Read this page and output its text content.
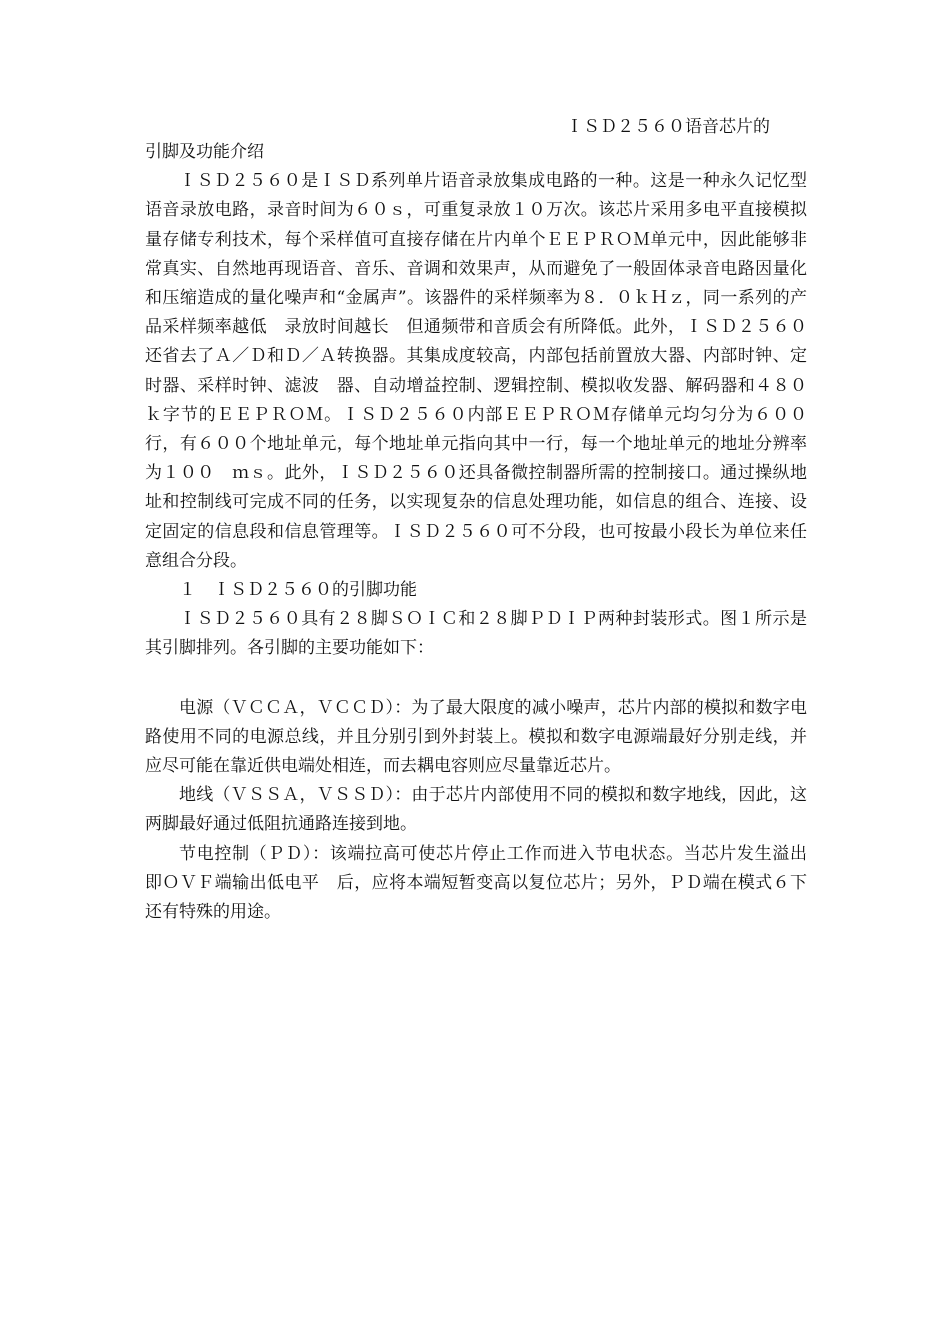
ＩＳＤ２５６０语音芯片的

引脚及功能介绍

ＩＳＤ２５６０是ＩＳＤ系列单片语音录放集成电路的一种。这是一种永久记忆型语音录放电路，录音时间为６０ｓ，可重复录放１０万次。该芯片采用多电平直接模拟量存储专利技术，每个采样值可直接存储在片内单个ＥＥＰＲＯＭ单元中，因此能够非常真实、自然地再现语音、音乐、音调和效果声，从而避免了一般固体录音电路因量化和压缩造成的量化噪声和“金属声”。该器件的采样频率为８．０ｋＨｚ，同一系列的产品采样频率越低　录放时间越长　但通频带和音质会有所降低。此外，ＩＳＤ２５６０还省去了Ａ／Ｄ和Ｄ／Ａ转换器。其集成度较高，内部包括前置放大器、内部时钟、定时器、采样时钟、滤波　器、自动增益控制、逻辑控制、模拟收发器、解码器和４８０　ｋ字节的ＥＥＰＲＯＭ。ＩＳＤ２５６０内部ＥＥＰＲＯＭ存储单元均匀分为６００行，有６００个地址单元，每个地址单元指向其中一行，每一个地址单元的地址分辨率为１００　ｍｓ。此外，ＩＳＤ２５６０还具备微控制器所需的控制接口。通过操纵地址和控制线可完成不同的任务，以实现复杂的信息处理功能，如信息的组合、连接、设定固定的信息段和信息管理等。ＩＳＤ２５６０可不分段，也可按最小段长为单位来任意组合分段。

１　ＩＳＤ２５６０的引脚功能

ＩＳＤ２５６０具有２８脚ＳＯＩＣ和２８脚ＰＤＩＰ两种封装形式。图１所示是其引脚排列。各引脚的主要功能如下：

电源（ＶＣＣＡ，ＶＣＣＤ）：为了最大限度的减小噪声，芯片内部的模拟和数字电路使用不同的电源总线，并且分别引到外封装上。模拟和数字电源端最好分别走线，并应尽可能在靠近供电端处相连，而去耦电容则应尽量靠近芯片。

地线（ＶＳＳＡ，ＶＳＳＤ）：由于芯片内部使用不同的模拟和数字地线，因此，这两脚最好通过低阻抗通路连接到地。

节电控制（ＰＤ）：该端拉高可使芯片停止工作而进入节电状态。当芯片发生溢出　即ＯＶＦ端输出低电平　后，应将本端短暂变高以复位芯片；另外，ＰＤ端在模式６下还有特殊的用途。
